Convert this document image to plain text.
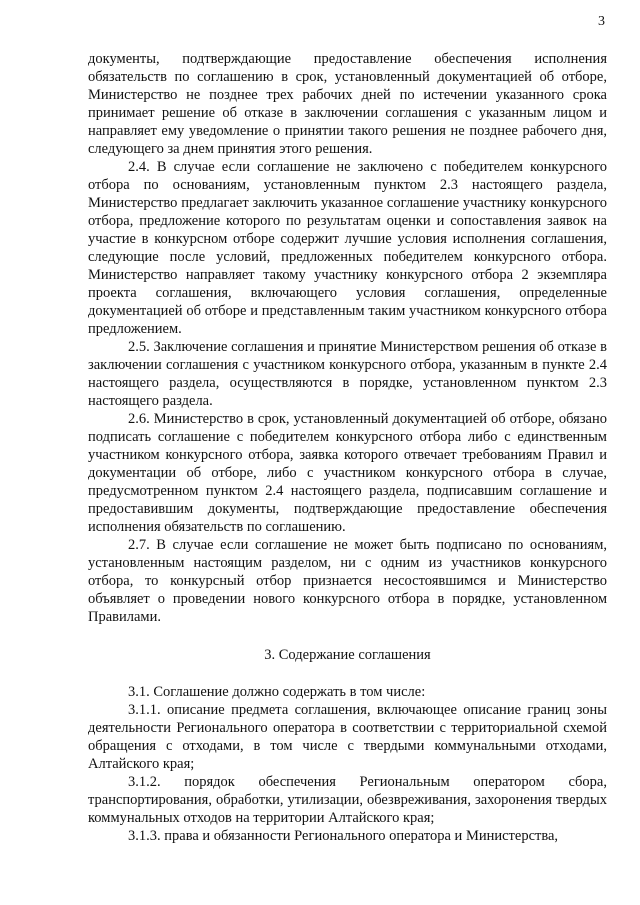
3

документы, подтверждающие предоставление обеспечения исполнения обязательств по соглашению в срок, установленный документацией об отборе, Министерство не позднее трех рабочих дней по истечении указанного срока принимает решение об отказе в заключении соглашения с указанным лицом и направляет ему уведомление о принятии такого решения не позднее рабочего дня, следующего за днем принятия этого решения.

2.4. В случае если соглашение не заключено с победителем конкурсного отбора по основаниям, установленным пунктом 2.3 настоящего раздела, Министерство предлагает заключить указанное соглашение участнику конкурсного отбора, предложение которого по результатам оценки и сопоставления заявок на участие в конкурсном отборе содержит лучшие условия исполнения соглашения, следующие после условий, предложенных победителем конкурсного отбора. Министерство направляет такому участнику конкурсного отбора 2 экземпляра проекта соглашения, включающего условия соглашения, определенные документацией об отборе и представленным таким участником конкурсного отбора предложением.

2.5. Заключение соглашения и принятие Министерством решения об отказе в заключении соглашения с участником конкурсного отбора, указанным в пункте 2.4 настоящего раздела, осуществляются в порядке, установленном пунктом 2.3 настоящего раздела.

2.6. Министерство в срок, установленный документацией об отборе, обязано подписать соглашение с победителем конкурсного отбора либо с единственным участником конкурсного отбора, заявка которого отвечает требованиям Правил и документации об отборе, либо с участником конкурсного отбора в случае, предусмотренном пунктом 2.4 настоящего раздела, подписавшим соглашение и предоставившим документы, подтверждающие предоставление обеспечения исполнения обязательств по соглашению.

2.7. В случае если соглашение не может быть подписано по основаниям, установленным настоящим разделом, ни с одним из участников конкурсного отбора, то конкурсный отбор признается несостоявшимся и Министерство объявляет о проведении нового конкурсного отбора в порядке, установленном Правилами.

3. Содержание соглашения

3.1. Соглашение должно содержать в том числе:

3.1.1. описание предмета соглашения, включающее описание границ зоны деятельности Регионального оператора в соответствии с территориальной схемой обращения с отходами, в том числе с твердыми коммунальными отходами, Алтайского края;

3.1.2. порядок обеспечения Региональным оператором сбора, транспортирования, обработки, утилизации, обезвреживания, захоронения твердых коммунальных отходов на территории Алтайского края;

3.1.3. права и обязанности Регионального оператора и Министерства,
